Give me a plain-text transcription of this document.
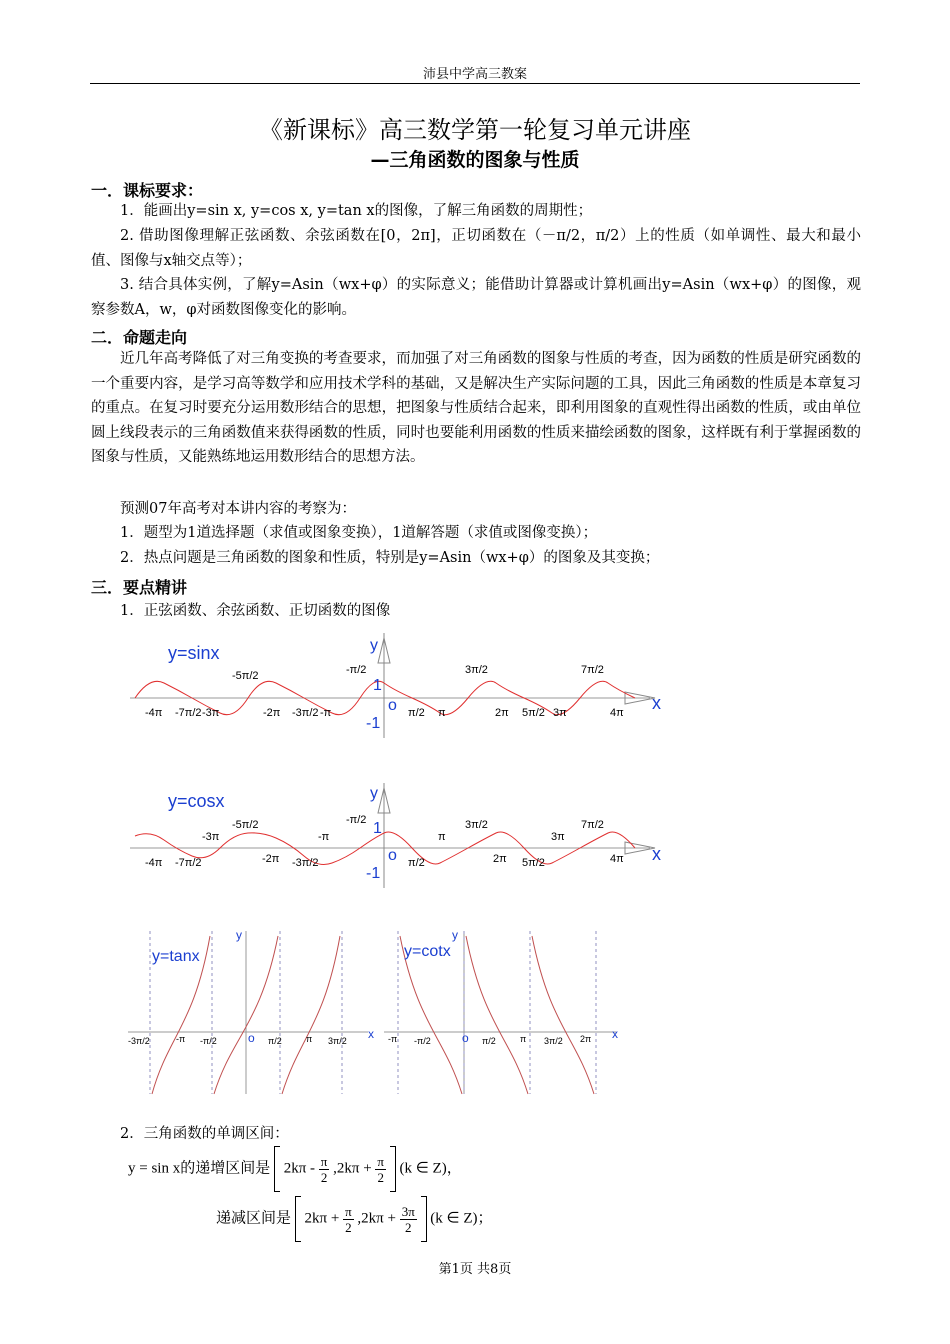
沛县中学高三教案
《新课标》高三数学第一轮复习单元讲座
—三角函数的图象与性质
一．课标要求：
1．能画出y=sin x, y=cos x, y=tan x的图像，了解三角函数的周期性；
2. 借助图像理解正弦函数、余弦函数在[0，2π]，正切函数在（－π/2，π/2）上的性质（如单调性、最大和最小值、图像与x轴交点等）；
3. 结合具体实例，了解y=Asin（wx+φ）的实际意义；能借助计算器或计算机画出y=Asin（wx+φ）的图像，观察参数A，w，φ对函数图像变化的影响。
二．命题走向
近几年高考降低了对三角变换的考查要求，而加强了对三角函数的图象与性质的考查，因为函数的性质是研究函数的一个重要内容，是学习高等数学和应用技术学科的基础，又是解决生产实际问题的工具，因此三角函数的性质是本章复习的重点。在复习时要充分运用数形结合的思想，把图象与性质结合起来，即利用图象的直观性得出函数的性质，或由单位圆上线段表示的三角函数值来获得函数的性质，同时也要能利用函数的性质来描绘函数的图象，这样既有利于掌握函数的图象与性质，又能熟练地运用数形结合的思想方法。
预测07年高考对本讲内容的考察为：
1．题型为1道选择题（求值或图象变换），1道解答题（求值或图像变换）；
2．热点问题是三角函数的图象和性质，特别是y=Asin（wx+φ）的图象及其变换；
三．要点精讲
1．正弦函数、余弦函数、正切函数的图像
y=sinx	y
x
o
1
-1
-5π/2	-π/2	3π/2	7π/2
-4π -7π/2 -3π	-2π -3π/2 -π	π/2 π	2π 5π/2 3π	4π
y=cosx	y
x
o
1
-1
-3π
-5π/2
-π
-π/2
π
3π/2
3π
7π/2
-4π -7π/2	-2π -3π/2	π/2	2π 5π/2	4π
y=tanx
y
x
o
-3π/2	-π -π/2	π/2	π 3π/2
y=cotx
y
x
o
-π -π/2	π/2	π 3π/2 2π
2．三角函数的单调区间：
y = sin x的递增区间是 $2k\pi - \frac{\pi}{2} ,2k\pi + \frac{\pi}{2} (k$ ∈ Z)，
递减区间是 $2k\pi + \frac{\pi}{2} ,2k\pi + \frac{3\pi}{2} (k$ ∈ Z)；
第1页 共8页
